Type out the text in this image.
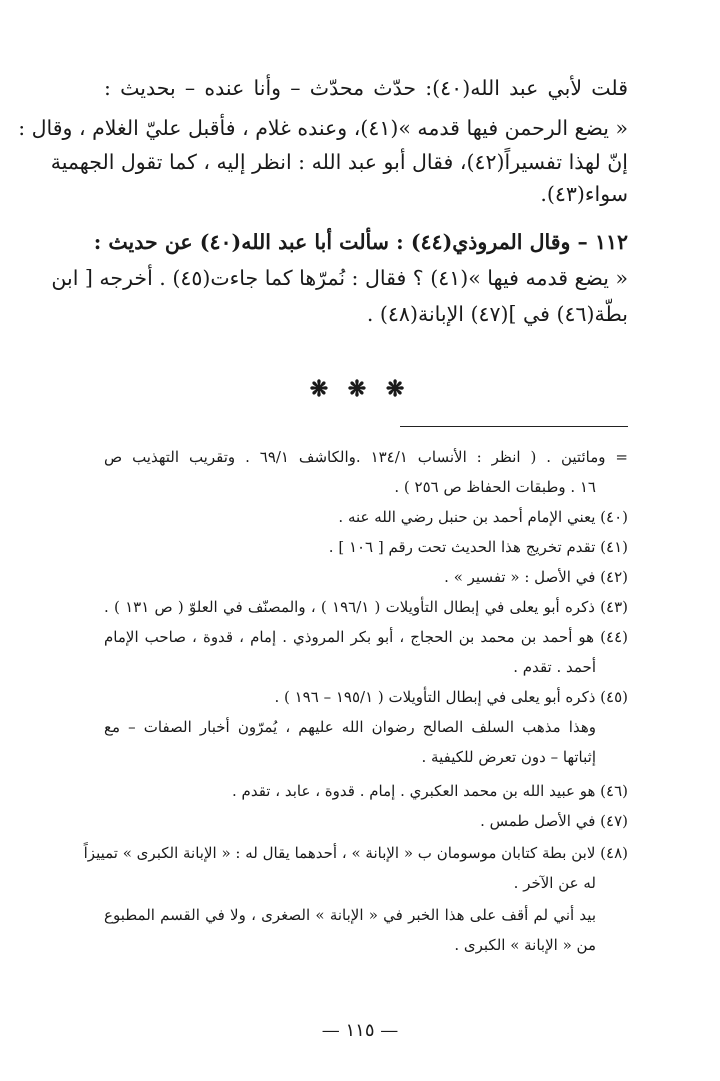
قلت لأبي عبد الله(٤٠): حدّث محدّث – وأنا عنده – بحديث :
« يضع الرحمن فيها قدمه »(٤١)، وعنده غلام ، فأقبل عليّ الغلام ، وقال :
إنّ لهذا تفسيراً(٤٢)، فقال أبو عبد الله : انظر إليه ، كما تقول الجهمية
سواء(٤٣).
١١٢ – وقال المروذي(٤٤) : سألت أبا عبد الله(٤٠) عن حديث :
« يضع قدمه فيها »(٤١) ؟ فقال : نُمرّها كما جاءت(٤٥) . أخرجه [ ابن
بطّة(٤٦) في ](٤٧) الإبانة(٤٨) .
❋ ❋ ❋
= ومائتين . ( انظر : الأنساب ١٣٤/١ .والكاشف ٦٩/١ . وتقريب التهذيب ص
١٦ . وطبقات الحفاظ ص ٢٥٦ ) .
(٤٠) يعني الإمام أحمد بن حنبل رضي الله عنه .
(٤١) تقدم تخريج هذا الحديث تحت رقم [ ١٠٦ ] .
(٤٢) في الأصل : « تفسير » .
(٤٣) ذكره أبو يعلى في إبطال التأويلات ( ١٩٦/١ ) ، والمصنّف في العلوّ ( ص ١٣١ ) .
(٤٤) هو أحمد بن محمد بن الحجاج ، أبو بكر المروذي . إمام ، قدوة ، صاحب الإمام
أحمد . تقدم .
(٤٥) ذكره أبو يعلى في إبطال التأويلات ( ١٩٥/١ – ١٩٦ ) .
وهذا مذهب السلف الصالح رضوان الله عليهم ، يُمرّون أخبار الصفات – مع
إثباتها – دون تعرض للكيفية .
(٤٦) هو عبيد الله بن محمد العكبري . إمام . قدوة ، عابد ، تقدم .
(٤٧) في الأصل طمس .
(٤٨) لابن بطة كتابان موسومان ب « الإبانة » ، أحدهما يقال له : « الإبانة الكبرى » تمييزاً
له عن الآخر .
بيد أني لم أقف على هذا الخبر في « الإبانة » الصغرى ، ولا في القسم المطبوع
من « الإبانة » الكبرى .
— ١١٥ —
